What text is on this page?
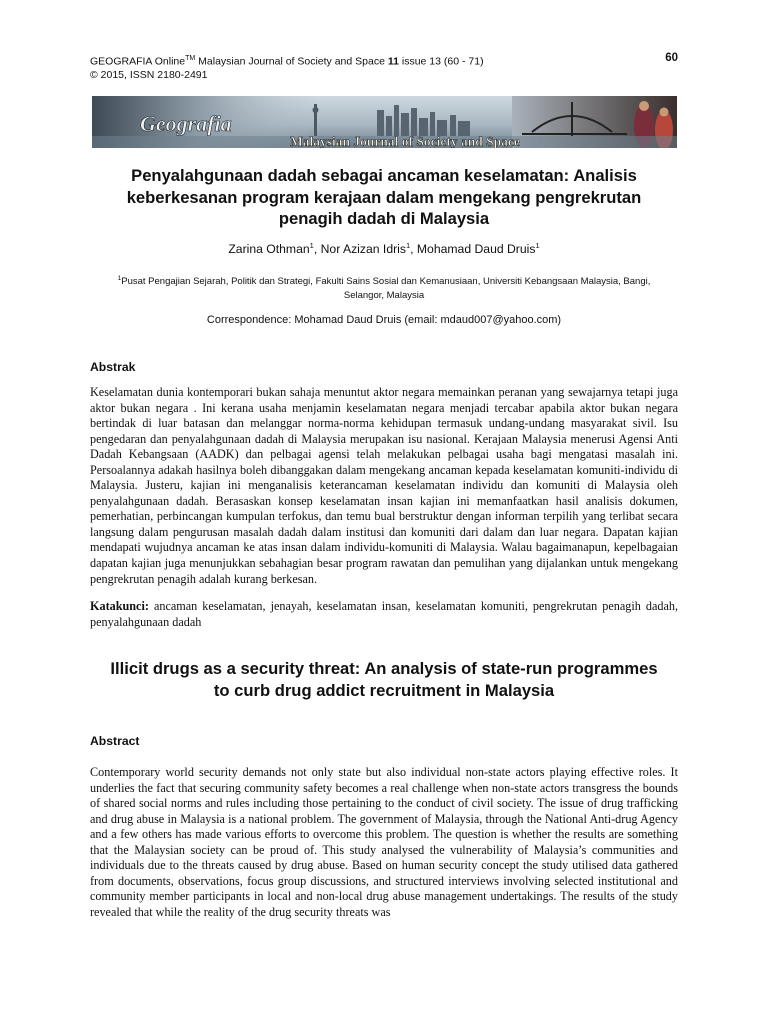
GEOGRAFIA Online™ Malaysian Journal of Society and Space 11 issue 13 (60 - 71)
© 2015, ISSN 2180-2491
60
Geografia
Malaysian Journal of Society and Space
Penyalahgunaan dadah sebagai ancaman keselamatan: Analisis
keberkesanan program kerajaan dalam mengekang pengrekrutan
penagih dadah di Malaysia
Zarina Othman$^1$, Nor Azizan Idris$^1$, Mohamad Daud Druis$^1$
$^1$Pusat Pengajian Sejarah, Politik dan Strategi, Fakulti Sains Sosial dan Kemanusiaan, Universiti Kebangsaan Malaysia, Bangi,
Selangor, Malaysia
Correspondence: Mohamad Daud Druis (email: mdaud007@yahoo.com)
Abstrak
Keselamatan dunia kontemporari bukan sahaja menuntut aktor negara memainkan peranan yang sewajarnya tetapi juga aktor bukan negara . Ini kerana usaha menjamin keselamatan negara menjadi tercabar apabila aktor bukan negara bertindak di luar batasan dan melanggar norma-norma kehidupan termasuk undang-undang masyarakat sivil. Isu pengedaran dan penyalahgunaan dadah di Malaysia merupakan isu nasional. Kerajaan Malaysia menerusi Agensi Anti Dadah Kebangsaan (AADK) dan pelbagai agensi telah melakukan pelbagai usaha bagi mengatasi masalah ini. Persoalannya adakah hasilnya boleh dibanggakan dalam mengekang ancaman kepada keselamatan komuniti-individu di Malaysia. Justeru, kajian ini menganalisis keterancaman keselamatan individu dan komuniti di Malaysia oleh penyalahgunaan dadah. Berasaskan konsep keselamatan insan kajian ini memanfaatkan hasil analisis dokumen, pemerhatian, perbincangan kumpulan terfokus, dan temu bual berstruktur dengan informan terpilih yang terlibat secara langsung dalam pengurusan masalah dadah dalam institusi dan komuniti dari dalam dan luar negara. Dapatan kajian mendapati wujudnya ancaman ke atas insan dalam individu-komuniti di Malaysia. Walau bagaimanapun, kepelbagaian dapatan kajian juga menunjukkan sebahagian besar program rawatan dan pemulihan yang dijalankan untuk mengekang pengrekrutan penagih adalah kurang berkesan.
Katakunci: ancaman keselamatan, jenayah, keselamatan insan, keselamatan komuniti, pengrekrutan penagih dadah, penyalahgunaan dadah
Illicit drugs as a security threat: An analysis of state-run programmes
to curb drug addict recruitment in Malaysia
Abstract
Contemporary world security demands not only state but also individual non-state actors playing effective roles. It underlies the fact that securing community safety becomes a real challenge when non-state actors transgress the bounds of shared social norms and rules including those pertaining to the conduct of civil society. The issue of drug trafficking and drug abuse in Malaysia is a national problem. The government of Malaysia, through the National Anti-drug Agency and a few others has made various efforts to overcome this problem. The question is whether the results are something that the Malaysian society can be proud of. This study analysed the vulnerability of Malaysia’s communities and individuals due to the threats caused by drug abuse. Based on human security concept the study utilised data gathered from documents, observations, focus group discussions, and structured interviews involving selected institutional and community member participants in local and non-local drug abuse management undertakings. The results of the study revealed that while the reality of the drug security threats was
